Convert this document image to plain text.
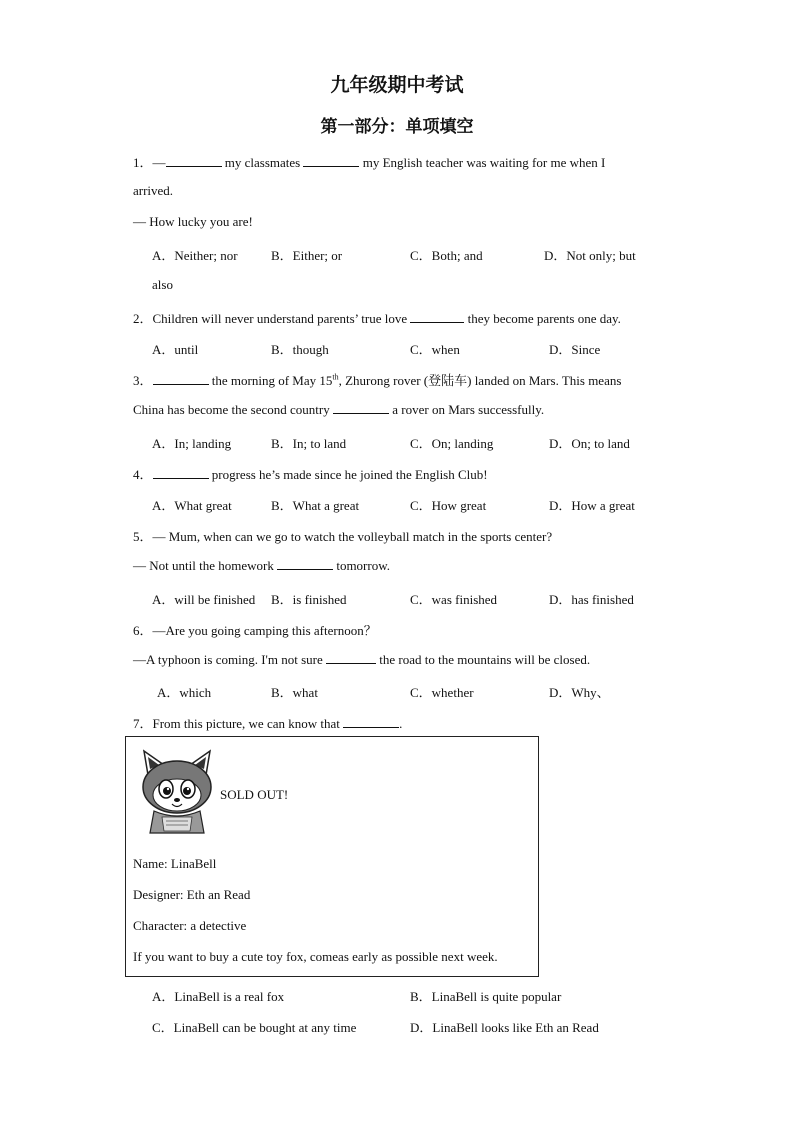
九年级期中考试
第一部分：单项填空
1．—	my classmates	my English teacher was waiting for me when I
arrived.
— How lucky you are!
A．Neither; nor	B．Either; or	C．Both; and	D．Not only; but
also
2．Children will never understand parents’ true love	they become parents one day.
A．until	B．though	C．when	D．Since
3．	the morning of May 15th, Zhurong rover (登陆车) landed on Mars. This means
China has become the second country	a rover on Mars successfully.
A．In; landing	B．In; to land	C．On; landing	D．On; to land
4．	progress he’s made since he joined the English Club!
A．What great	B．What a great	C．How great	D．How a great
5．— Mum, when can we go to watch the volleyball match in the sports center?
— Not until the homework	tomorrow.
A．will be finished B．is finished	C．was finished	D．has finished
6．—Are you going camping this afternoon？
—A typhoon is coming. I'm not sure	the road to the mountains will be closed.
A．which	B．what	C．whether	D．Why、
7．From this picture, we can know that	.
SOLD OUT!
Name: LinaBell
Designer: Eth an Read
Character: a detective
If you want to buy a cute toy fox, comeas early as possible next week.
A．LinaBell is a real fox	B．LinaBell is quite popular
C．LinaBell can be bought at any time	D．LinaBell looks like Eth an Read
